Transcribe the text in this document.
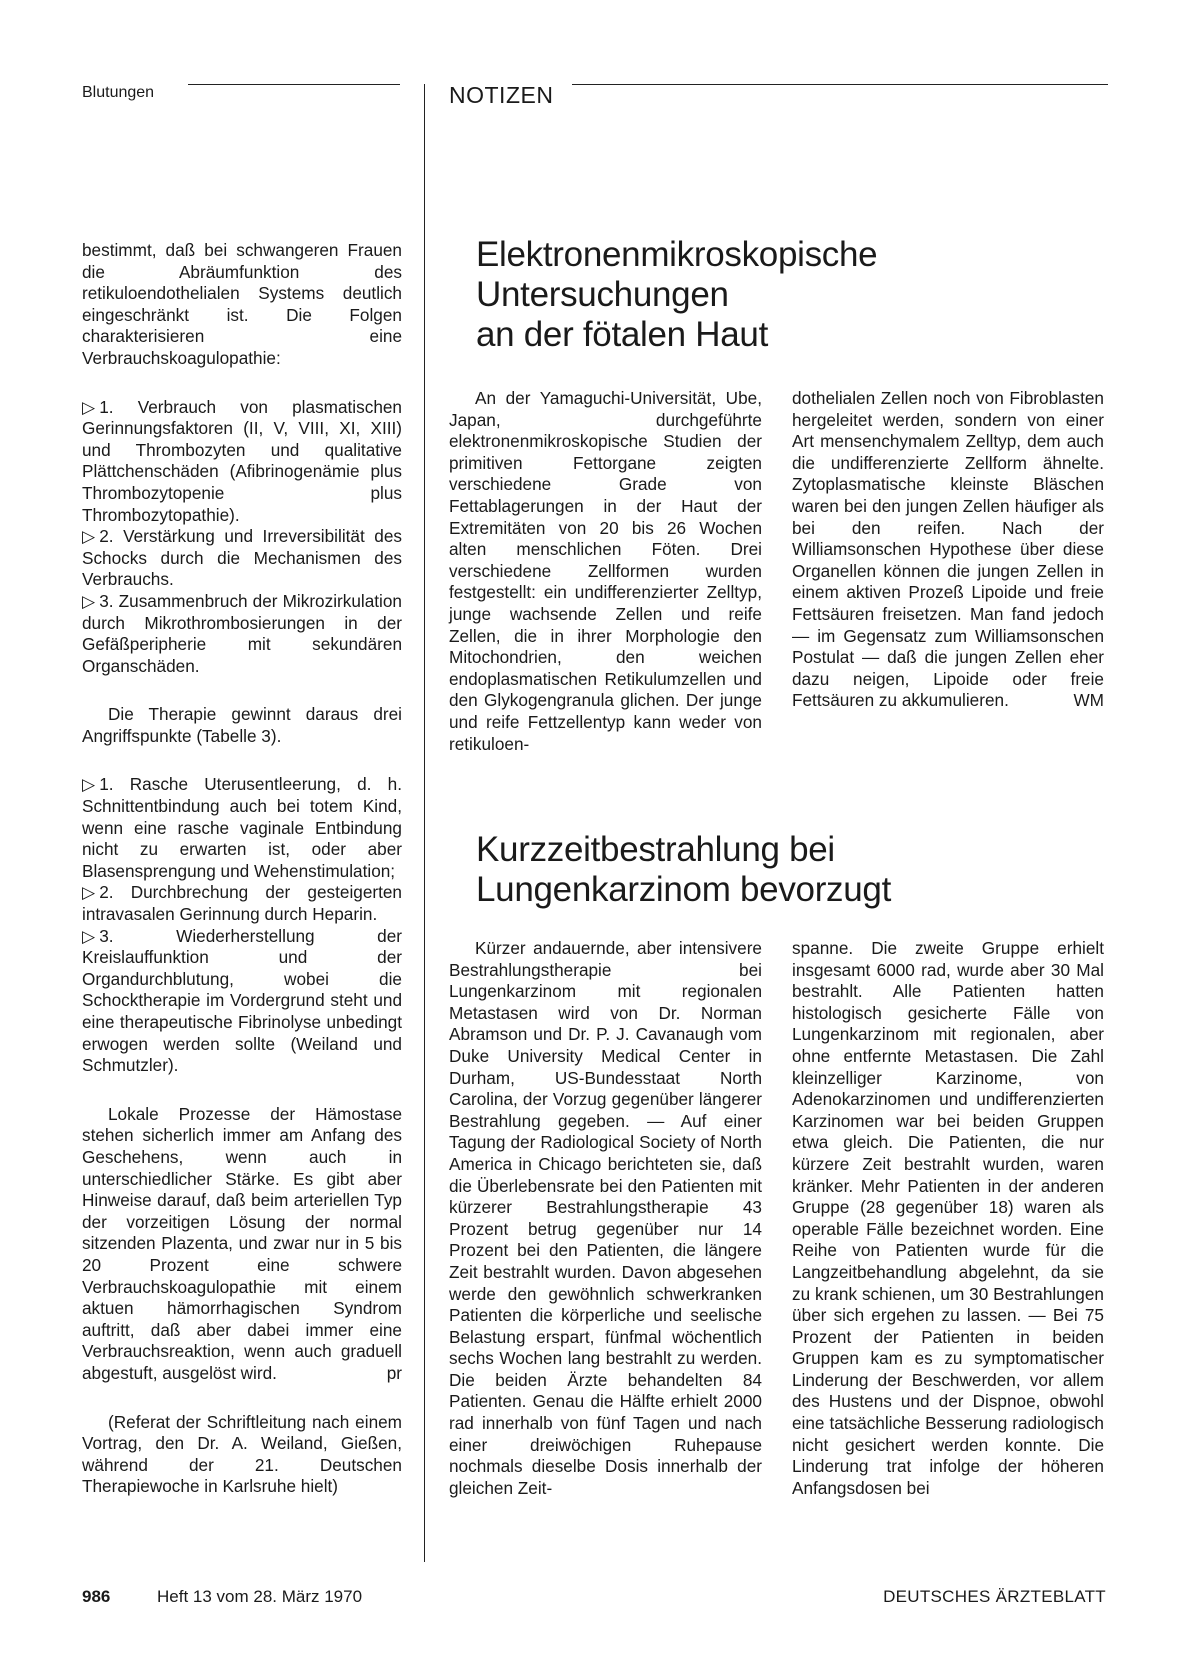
Blutungen	NOTIZEN

bestimmt, daß bei schwangeren Frauen die Abräumfunktion des retikuloendothelialen Systems deutlich eingeschränkt ist. Die Folgen charakterisieren eine Verbrauchskoagulopathie:

▷ 1. Verbrauch von plasmatischen Gerinnungsfaktoren (II, V, VIII, XI, XIII) und Thrombozyten und qualitative Plättchenschäden (Afibrinogenämie plus Thrombozytopenie plus Thrombozytopathie).

▷ 2. Verstärkung und Irreversibilität des Schocks durch die Mechanismen des Verbrauchs.

▷ 3. Zusammenbruch der Mikrozirkulation durch Mikrothrombosierungen in der Gefäßperipherie mit sekundären Organschäden.

Die Therapie gewinnt daraus drei Angriffspunkte (Tabelle 3).

▷ 1. Rasche Uterusentleerung, d. h. Schnittentbindung auch bei totem Kind, wenn eine rasche vaginale Entbindung nicht zu erwarten ist, oder aber Blasensprengung und Wehenstimulation;

▷ 2. Durchbrechung der gesteigerten intravasalen Gerinnung durch Heparin.

▷ 3. Wiederherstellung der Kreislauffunktion und der Organdurchblutung, wobei die Schocktherapie im Vordergrund steht und eine therapeutische Fibrinolyse unbedingt erwogen werden sollte (Weiland und Schmutzler).

Lokale Prozesse der Hämostase stehen sicherlich immer am Anfang des Geschehens, wenn auch in unterschiedlicher Stärke. Es gibt aber Hinweise darauf, daß beim arteriellen Typ der vorzeitigen Lösung der normal sitzenden Plazenta, und zwar nur in 5 bis 20 Prozent eine schwere Verbrauchskoagulopathie mit einem aktuen hämorrhagischen Syndrom auftritt, daß aber dabei immer eine Verbrauchsreaktion, wenn auch graduell abgestuft, ausgelöst wird.	pr

(Referat der Schriftleitung nach einem Vortrag, den Dr. A. Weiland, Gießen, während der 21. Deutschen Therapiewoche in Karlsruhe hielt)

Elektronenmikroskopische
Untersuchungen
an der fötalen Haut

An der Yamaguchi-Universität, Ube, Japan, durchgeführte elektronenmikroskopische Studien der primitiven Fettorgane zeigten verschiedene Grade von Fettablagerungen in der Haut der Extremitäten von 20 bis 26 Wochen alten menschlichen Föten. Drei verschiedene Zellformen wurden festgestellt: ein undifferenzierter Zelltyp, junge wachsende Zellen und reife Zellen, die in ihrer Morphologie den Mitochondrien, den weichen endoplasmatischen Retikulumzellen und den Glykogengranula glichen. Der junge und reife Fettzellentyp kann weder von retikuloen-

dothelialen Zellen noch von Fibroblasten hergeleitet werden, sondern von einer Art mensenchymalem Zelltyp, dem auch die undifferenzierte Zellform ähnelte. Zytoplasmatische kleinste Bläschen waren bei den jungen Zellen häufiger als bei den reifen. Nach der Williamsonschen Hypothese über diese Organellen können die jungen Zellen in einem aktiven Prozeß Lipoide und freie Fettsäuren freisetzen. Man fand jedoch — im Gegensatz zum Williamsonschen Postulat — daß die jungen Zellen eher dazu neigen, Lipoide oder freie Fettsäuren zu akkumulieren.	WM

Kurzzeitbestrahlung bei
Lungenkarzinom bevorzugt

Kürzer andauernde, aber intensivere Bestrahlungstherapie bei Lungenkarzinom mit regionalen Metastasen wird von Dr. Norman Abramson und Dr. P. J. Cavanaugh vom Duke University Medical Center in Durham, US-Bundesstaat North Carolina, der Vorzug gegenüber längerer Bestrahlung gegeben. — Auf einer Tagung der Radiological Society of North America in Chicago berichteten sie, daß die Überlebensrate bei den Patienten mit kürzerer Bestrahlungstherapie 43 Prozent betrug gegenüber nur 14 Prozent bei den Patienten, die längere Zeit bestrahlt wurden. Davon abgesehen werde den gewöhnlich schwerkranken Patienten die körperliche und seelische Belastung erspart, fünfmal wöchentlich sechs Wochen lang bestrahlt zu werden. Die beiden Ärzte behandelten 84 Patienten. Genau die Hälfte erhielt 2000 rad innerhalb von fünf Tagen und nach einer dreiwöchigen Ruhepause nochmals dieselbe Dosis innerhalb der gleichen Zeit-

spanne. Die zweite Gruppe erhielt insgesamt 6000 rad, wurde aber 30 Mal bestrahlt. Alle Patienten hatten histologisch gesicherte Fälle von Lungenkarzinom mit regionalen, aber ohne entfernte Metastasen. Die Zahl kleinzelliger Karzinome, von Adenokarzinomen und undifferenzierten Karzinomen war bei beiden Gruppen etwa gleich. Die Patienten, die nur kürzere Zeit bestrahlt wurden, waren kränker. Mehr Patienten in der anderen Gruppe (28 gegenüber 18) waren als operable Fälle bezeichnet worden. Eine Reihe von Patienten wurde für die Langzeitbehandlung abgelehnt, da sie zu krank schienen, um 30 Bestrahlungen über sich ergehen zu lassen. — Bei 75 Prozent der Patienten in beiden Gruppen kam es zu symptomatischer Linderung der Beschwerden, vor allem des Hustens und der Dispnoe, obwohl eine tatsächliche Besserung radiologisch nicht gesichert werden konnte. Die Linderung trat infolge der höheren Anfangsdosen bei

986	Heft 13 vom 28. März 1970	DEUTSCHES ÄRZTEBLATT
